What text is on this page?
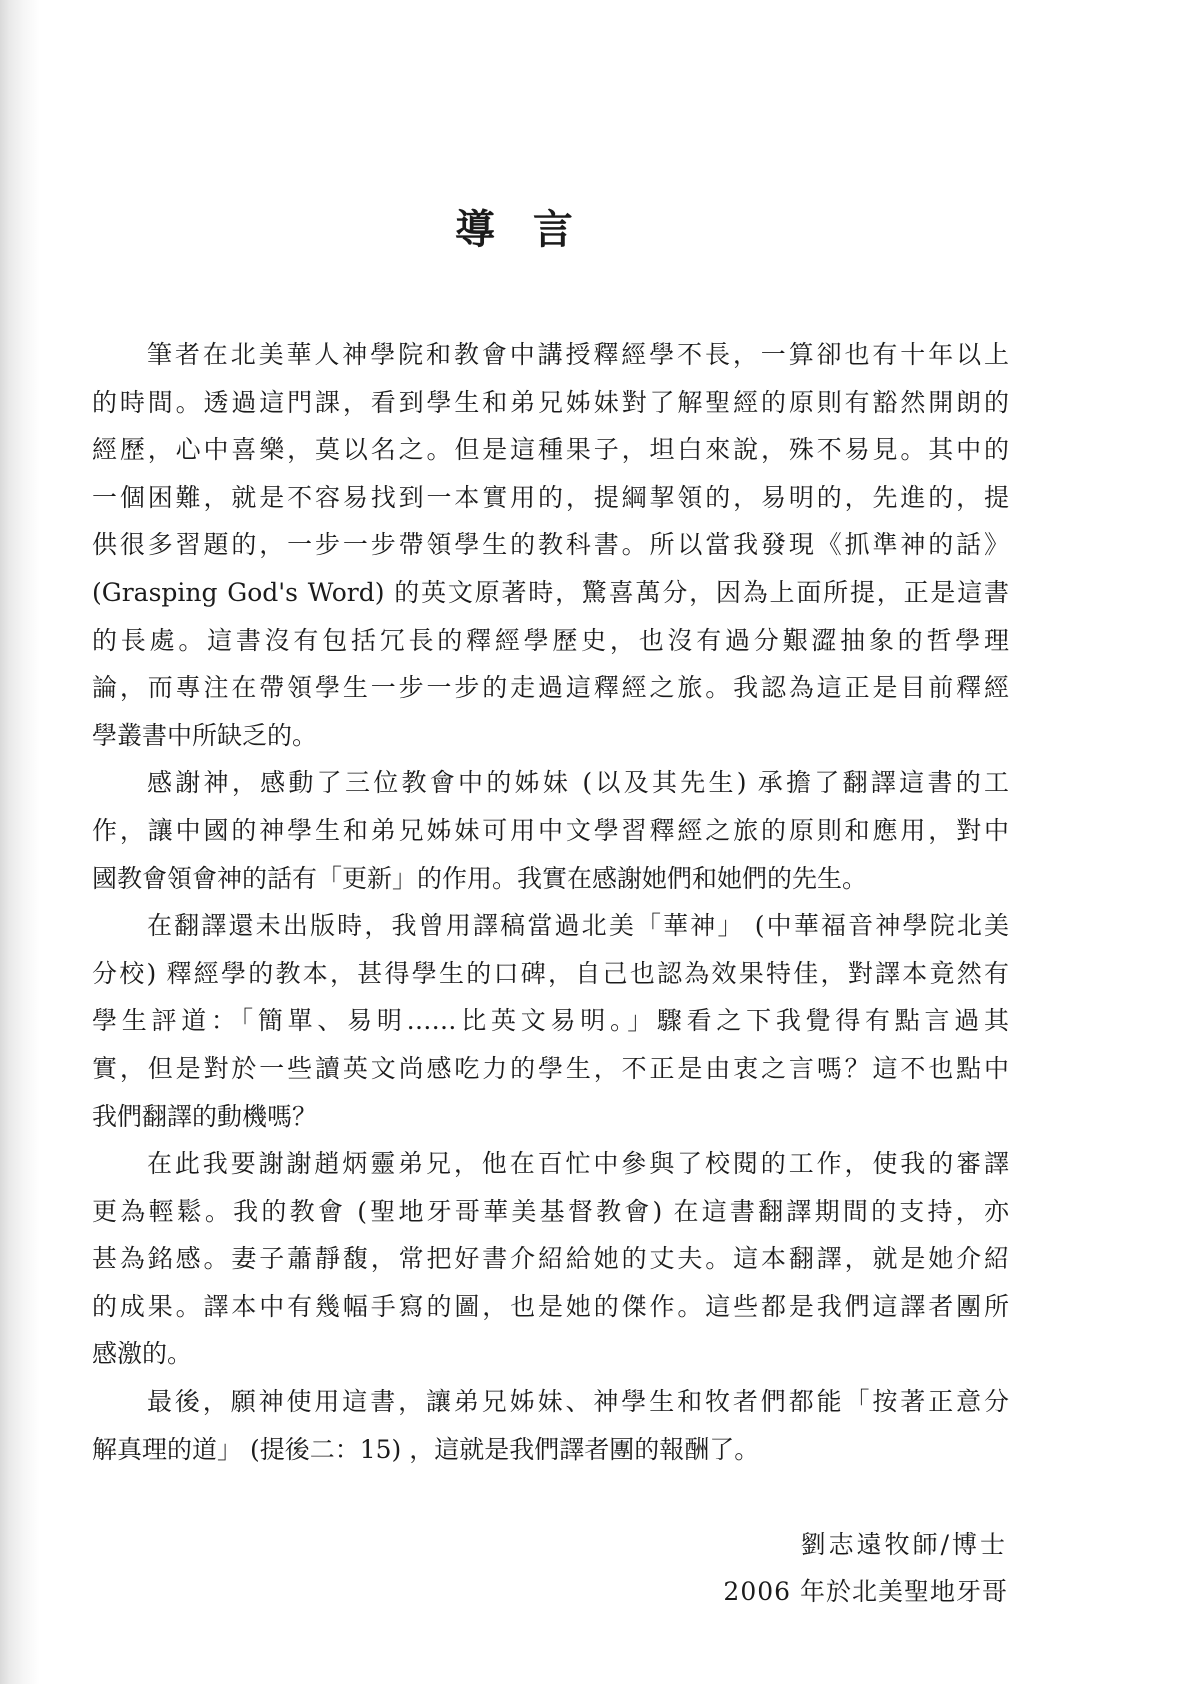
導 言
筆者在北美華人神學院和教會中講授釋經學不長，一算卻也有十年以上
的時間。透過這門課，看到學生和弟兄姊妹對了解聖經的原則有豁然開朗的
經歷，心中喜樂，莫以名之。但是這種果子，坦白來說，殊不易見。其中的
一個困難，就是不容易找到一本實用的，提綱挈領的，易明的，先進的，提
供很多習題的，一步一步帶領學生的教科書。所以當我發現《抓準神的話》
(Grasping God's Word) 的英文原著時，驚喜萬分，因為上面所提，正是這書
的長處。這書沒有包括冗長的釋經學歷史，也沒有過分艱澀抽象的哲學理
論，而專注在帶領學生一步一步的走過這釋經之旅。我認為這正是目前釋經
學叢書中所缺乏的。
感謝神，感動了三位教會中的姊妹 (以及其先生) 承擔了翻譯這書的工
作，讓中國的神學生和弟兄姊妹可用中文學習釋經之旅的原則和應用，對中
國教會領會神的話有「更新」的作用。我實在感謝她們和她們的先生。
在翻譯還未出版時，我曾用譯稿當過北美「華神」 (中華福音神學院北美
分校) 釋經學的教本，甚得學生的口碑，自己也認為效果特佳，對譯本竟然有
學生評道：「簡單、易明……比英文易明。」驟看之下我覺得有點言過其
實，但是對於一些讀英文尚感吃力的學生，不正是由衷之言嗎？這不也點中
我們翻譯的動機嗎？
在此我要謝謝趙炳靈弟兄，他在百忙中參與了校閱的工作，使我的審譯
更為輕鬆。我的教會 (聖地牙哥華美基督教會) 在這書翻譯期間的支持，亦
甚為銘感。妻子蕭靜馥，常把好書介紹給她的丈夫。這本翻譯，就是她介紹
的成果。譯本中有幾幅手寫的圖，也是她的傑作。這些都是我們這譯者團所
感激的。
最後，願神使用這書，讓弟兄姊妹、神學生和牧者們都能「按著正意分
解真理的道」 (提後二：15) ，這就是我們譯者團的報酬了。
劉志遠牧師/博士
2006 年於北美聖地牙哥
